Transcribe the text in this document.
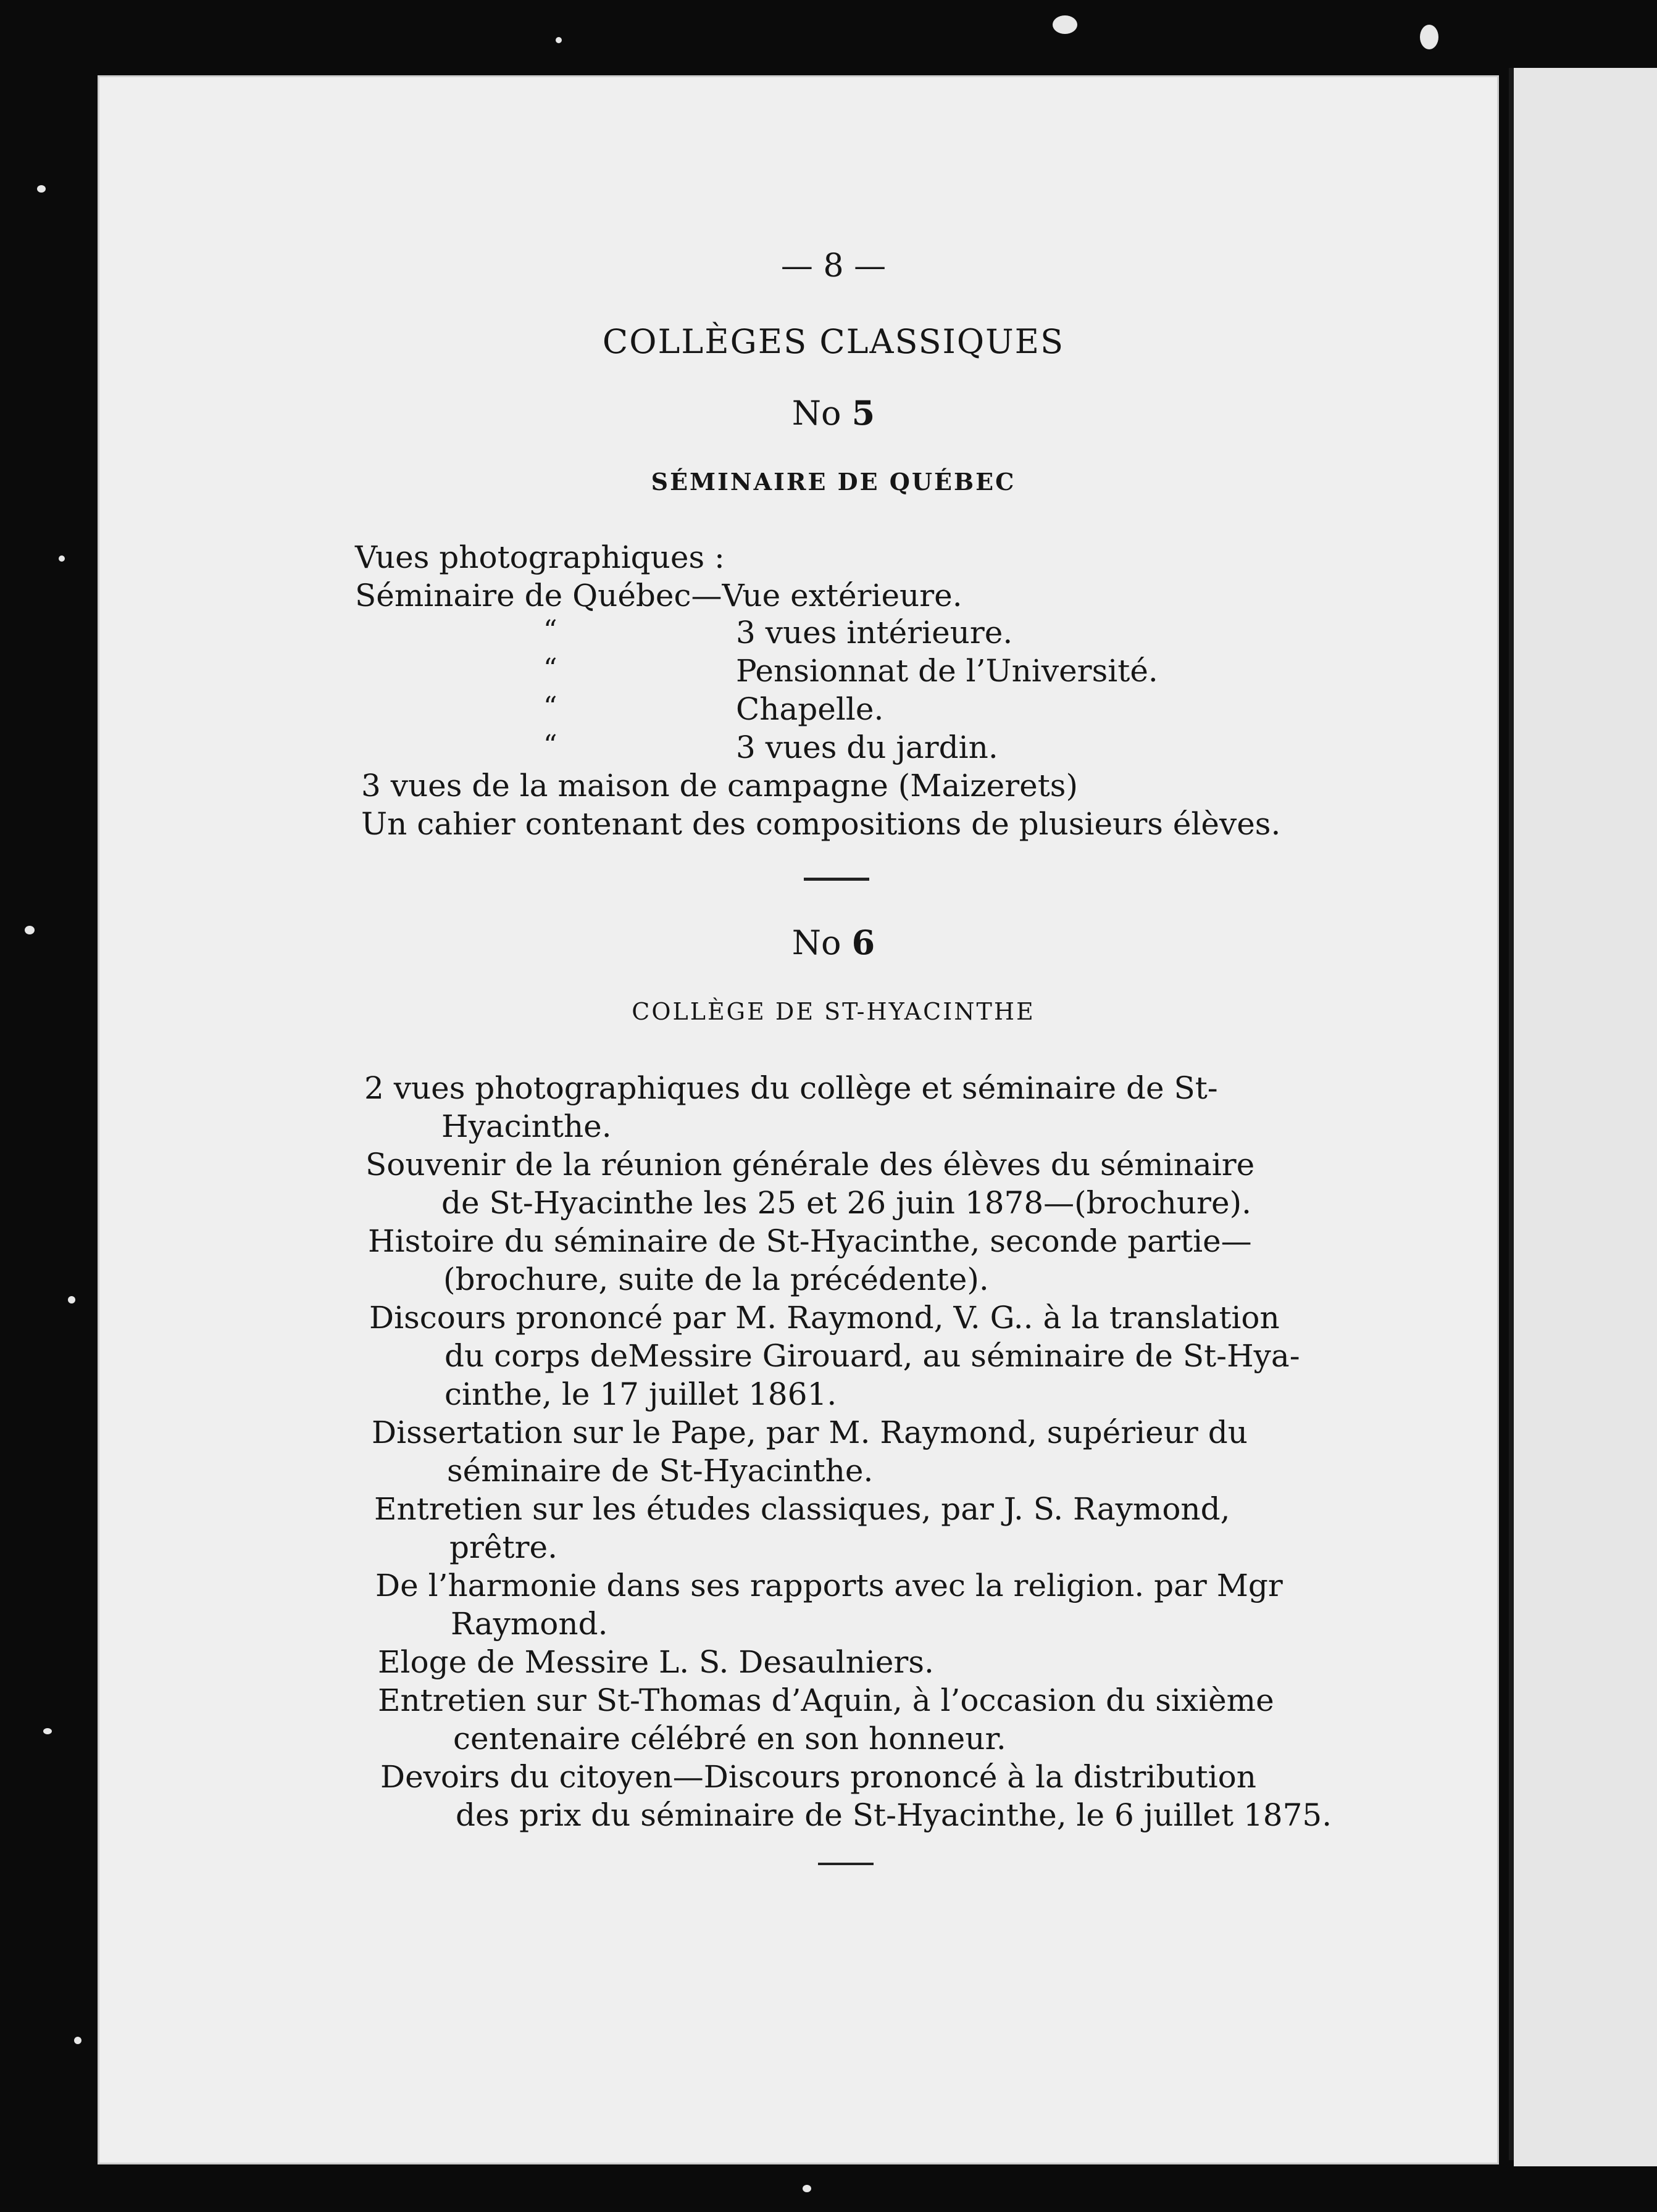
— 8 —
COLLÈGES CLASSIQUES
No 5
SÉMINAIRE DE QUÉBEC
Vues photographiques :
Séminaire de Québec—Vue extérieure.
“	3 vues intérieure.
“	Pensionnat de l’Université.
“	Chapelle.
“	3 vues du jardin.
3 vues de la maison de campagne (Maizerets)
Un cahier contenant des compositions de plusieurs élèves.
No 6
COLLÈGE DE ST-HYACINTHE
2 vues photographiques du collège et séminaire de St-
Hyacinthe.
Souvenir de la réunion générale des élèves du séminaire
de St-Hyacinthe les 25 et 26 juin 1878—(brochure).
Histoire du séminaire de St-Hyacinthe, seconde partie—
(brochure, suite de la précédente).
Discours prononcé par M. Raymond, V. G.. à la translation
du corps deMessire Girouard, au séminaire de St-Hya-
cinthe, le 17 juillet 1861.
Dissertation sur le Pape, par M. Raymond, supérieur du
séminaire de St-Hyacinthe.
Entretien sur les études classiques, par J. S. Raymond,
prêtre.
De l’harmonie dans ses rapports avec la religion. par Mgr
Raymond.
Eloge de Messire L. S. Desaulniers.
Entretien sur St-Thomas d’Aquin, à l’occasion du sixième
centenaire célébré en son honneur.
Devoirs du citoyen—Discours prononcé à la distribution
des prix du séminaire de St-Hyacinthe, le 6 juillet 1875.
